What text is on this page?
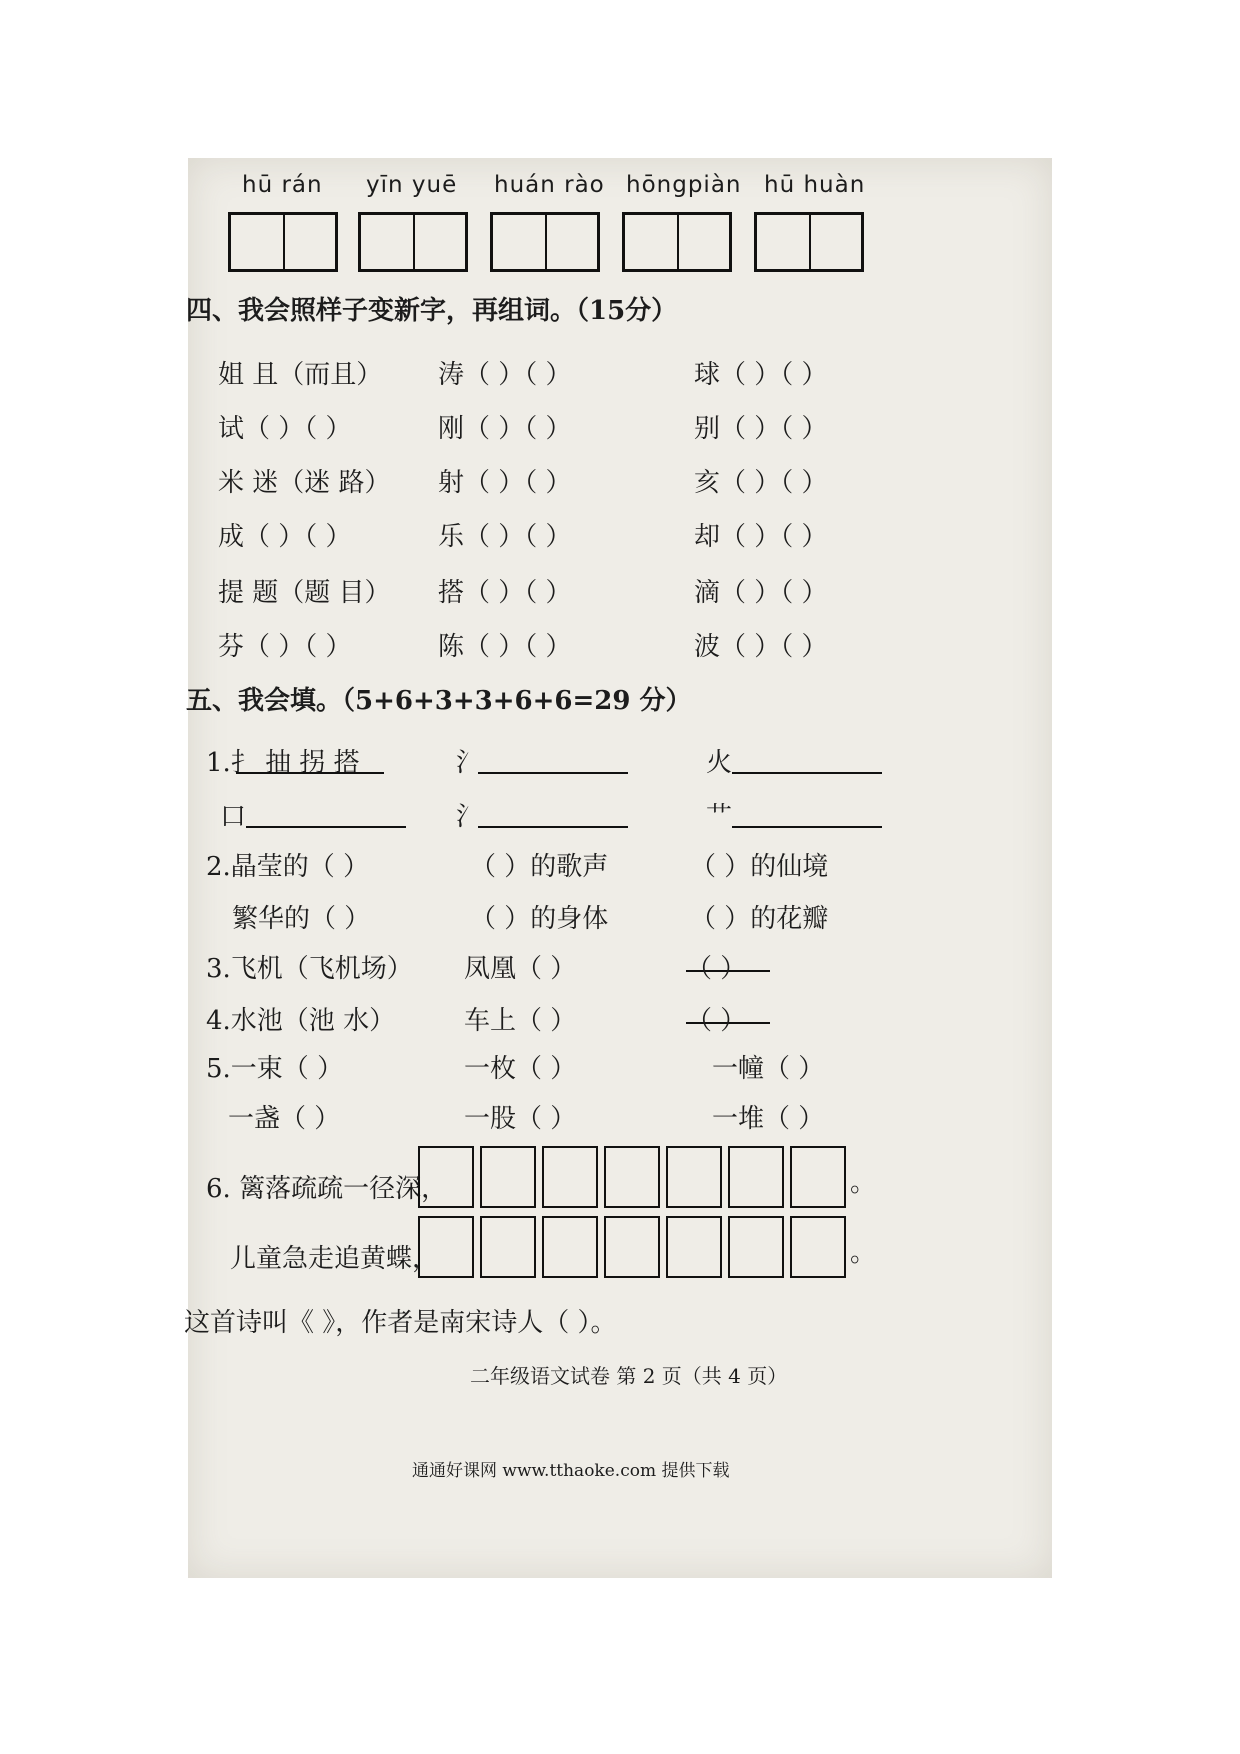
hū rán yīn yuē huán rào hōngpiàn hū huàn
四、我会照样子变新字，再组词。（15分）
姐 且（而且） 涛（ ）（ ）	球（ ）（ ）
试（ ）（ ）	刚（ ）（ ）	别（ ）（ ）
米 迷（迷 路） 射（ ）（ ）	亥（ ）（ ）
成（ ）（ ）	乐（ ）（ ）	却（ ）（ ）
提 题（题 目） 搭（ ）（ ）	滴（ ）（ ）
芬（ ）（ ）	陈（ ）（ ）	波（ ）（ ）
五、我会填。（5+6+3+3+6+6=29 分）
1.扌 抽 拐 搭	氵	火
口	氵	艹
2.晶莹的（ ）	（ ）的歌声	（ ）的仙境
繁华的（ ）	（ ）的身体	（ ）的花瓣
3.飞机（飞机场） 凤凰（ ）	（ ）
4.水池（池 水）	车上（ ）	（ ）
5.一束（ ）	一枚（ ）	一幢（ ）
一盏（ ）	一股（ ）	一堆（ ）
6. 篱落疏疏一径深，	。
儿童急走追黄蝶，	。
这首诗叫《 》，作者是南宋诗人（ ）。
二年级语文试卷 第 2 页（共 4 页）
通通好课网 www.tthaoke.com 提供下载
